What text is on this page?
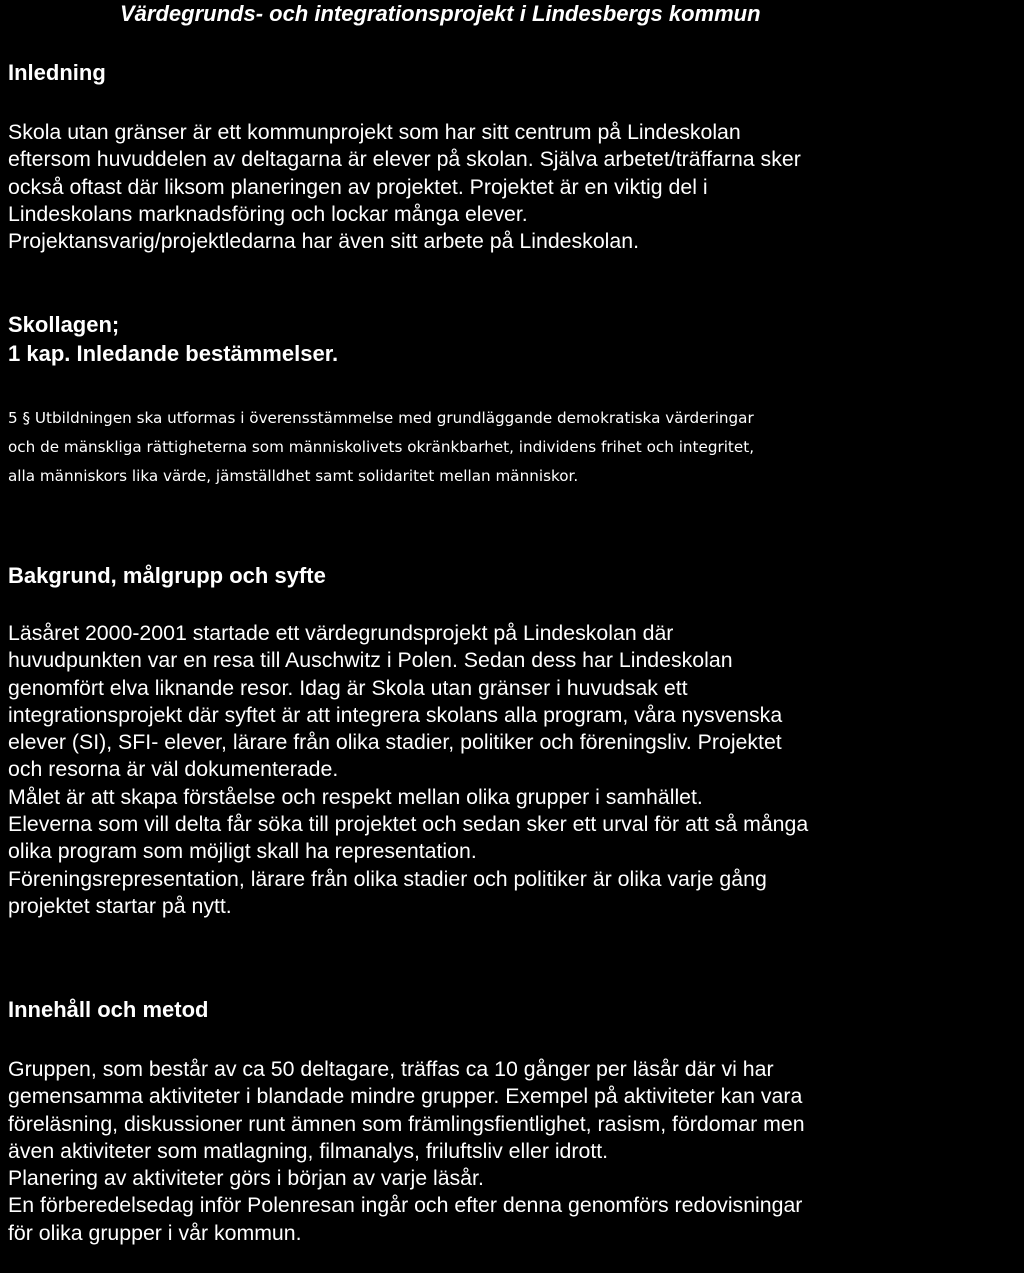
Värdegrunds- och integrationsprojekt i Lindesbergs kommun
Inledning
Skola utan gränser är ett kommunprojekt som har sitt centrum på Lindeskolan
eftersom huvuddelen av deltagarna är elever på skolan. Själva arbetet/träffarna sker
också oftast där liksom planeringen av projektet. Projektet är en viktig del i
Lindeskolans marknadsföring och lockar många elever.
Projektansvarig/projektledarna har även sitt arbete på Lindeskolan.
Skollagen;
1 kap. Inledande bestämmelser.
5 § Utbildningen ska utformas i överensstämmelse med grundläggande demokratiska värderingar
och de mänskliga rättigheterna som människolivets okränkbarhet, individens frihet och integritet,
alla människors lika värde, jämställdhet samt solidaritet mellan människor.
Bakgrund, målgrupp och syfte
Läsåret 2000-2001 startade ett värdegrundsprojekt på Lindeskolan där
huvudpunkten var en resa till Auschwitz i Polen. Sedan dess har Lindeskolan
genomfört elva liknande resor. Idag är Skola utan gränser i huvudsak ett
integrationsprojekt där syftet är att integrera skolans alla program, våra nysvenska
elever (SI), SFI- elever, lärare från olika stadier, politiker och föreningsliv. Projektet
och resorna är väl dokumenterade.
Målet är att skapa förståelse och respekt mellan olika grupper i samhället.
Eleverna som vill delta får söka till projektet och sedan sker ett urval för att så många
olika program som möjligt skall ha representation.
Föreningsrepresentation, lärare från olika stadier och politiker är olika varje gång
projektet startar på nytt.
Innehåll och metod
Gruppen, som består av ca 50 deltagare, träffas ca 10 gånger per läsår där vi har
gemensamma aktiviteter i blandade mindre grupper. Exempel på aktiviteter kan vara
föreläsning, diskussioner runt ämnen som främlingsfientlighet, rasism, fördomar men
även aktiviteter som matlagning, filmanalys, friluftsliv eller idrott.
Planering av aktiviteter görs i början av varje läsår.
En förberedelsedag inför Polenresan ingår och efter denna genomförs redovisningar
för olika grupper i vår kommun.
